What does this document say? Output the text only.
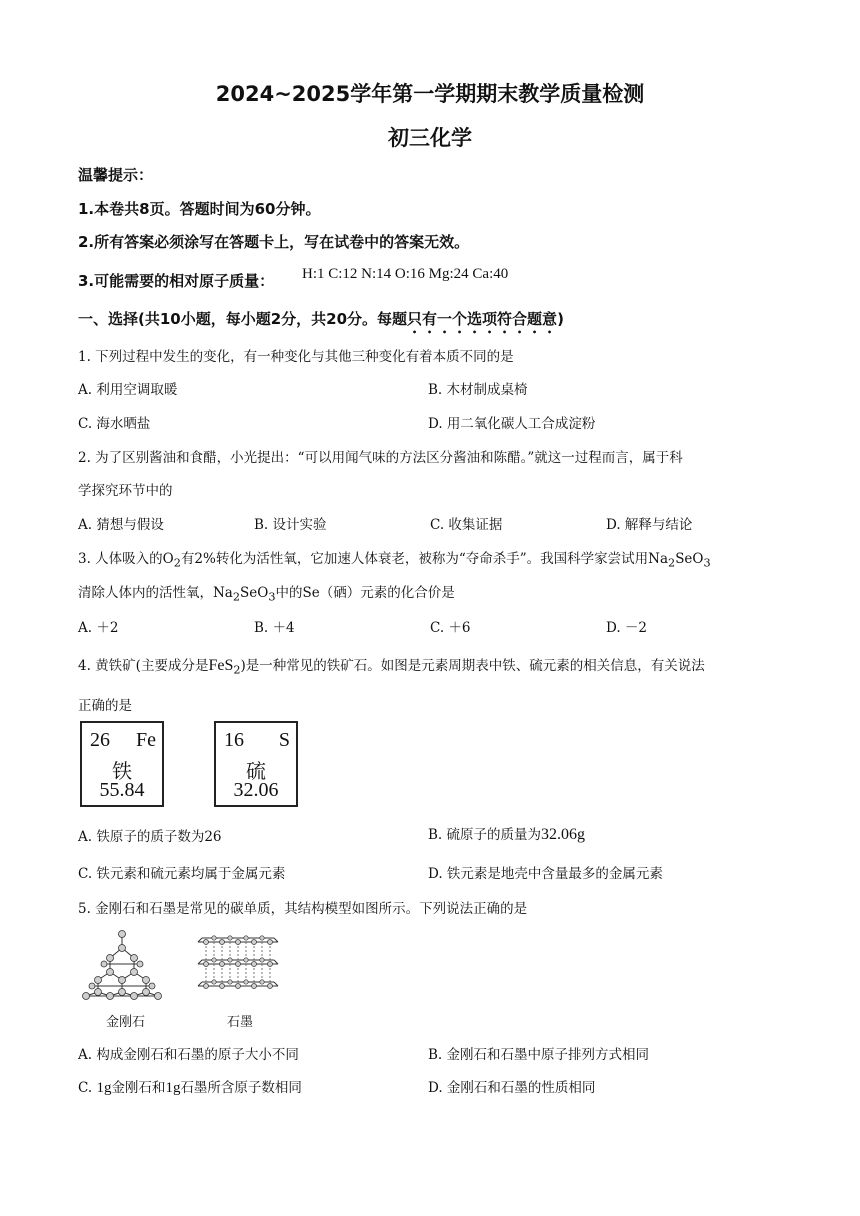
2024~2025学年第一学期期末教学质量检测
初三化学
温馨提示：
1.本卷共8页。答题时间为60分钟。
2.所有答案必须涂写在答题卡上，写在试卷中的答案无效。
3.可能需要的相对原子质量： H:1 C:12 N:14 O:16 Mg:24 Ca:40
一、选择(共10小题，每小题2分，共20分。每题只有一个选项符合题意)
1. 下列过程中发生的变化，有一种变化与其他三种变化有着本质不同的是
A. 利用空调取暖	B. 木材制成桌椅
C. 海水晒盐	D. 用二氧化碳人工合成淀粉
2. 为了区别酱油和食醋，小光提出：“可以用闻气味的方法区分酱油和陈醋。”就这一过程而言，属于科
学探究环节中的
A. 猜想与假设	B. 设计实验	C. 收集证据	D. 解释与结论
3. 人体吸入的$O_2$有2%转化为活性氧，它加速人体衰老，被称为“夺命杀手”。我国科学家尝试用$Na_2SeO_3$
清除人体内的活性氧，$Na_2SeO_3$中的Se（硒）元素的化合价是
A. ＋2	B. ＋4	C. ＋6	D. －2
4. 黄铁矿(主要成分是FeS$_2$)是一种常见的铁矿石。如图是元素周期表中铁、硫元素的相关信息，有关说法
正确的是
26 Fe
铁
55.84
16 S
硫
32.06
A. 铁原子的质子数为26	B. 硫原子的质量为32.06g
C. 铁元素和硫元素均属于金属元素	D. 铁元素是地壳中含量最多的金属元素
5. 金刚石和石墨是常见的碳单质，其结构模型如图所示。下列说法正确的是
金刚石	石墨
A. 构成金刚石和石墨的原子大小不同	B. 金刚石和石墨中原子排列方式相同
C. 1g金刚石和1g石墨所含原子数相同	D. 金刚石和石墨的性质相同
